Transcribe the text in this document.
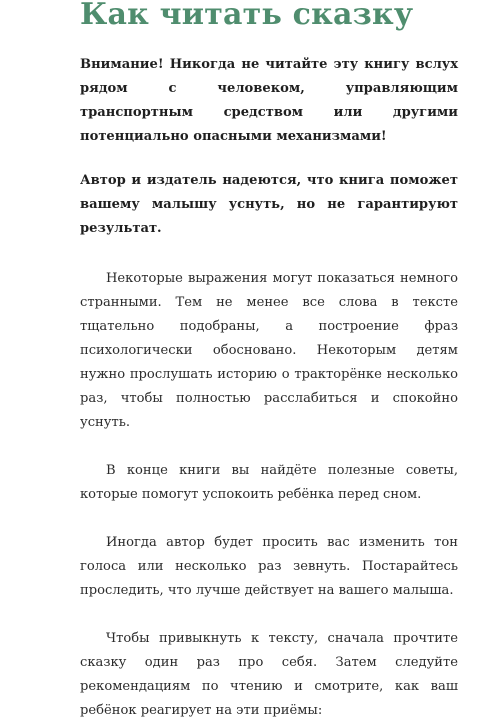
Как читать сказку

Внимание! Никогда не читайте эту книгу вслух рядом с человеком, управляющим транспортным средством или другими потенциально опасными механизмами!

Автор и издатель надеются, что книга поможет вашему малышу уснуть, но не гарантируют результат.

Некоторые выражения могут показаться немного странными. Тем не менее все слова в тексте тщательно подобраны, а построение фраз психологически обосновано. Некоторым детям нужно прослушать историю о тракторёнке несколько раз, чтобы полностью расслабиться и спокойно уснуть.

В конце книги вы найдёте полезные советы, которые помогут успокоить ребёнка перед сном.

Иногда автор будет просить вас изменить тон голоса или несколько раз зевнуть. Постарайтесь проследить, что лучше действует на вашего малыша.

Чтобы привыкнуть к тексту, сначала прочтите сказку один раз про себя. Затем следуйте рекомендациям по чтению и смотрите, как ваш ребёнок реагирует на эти приёмы:
